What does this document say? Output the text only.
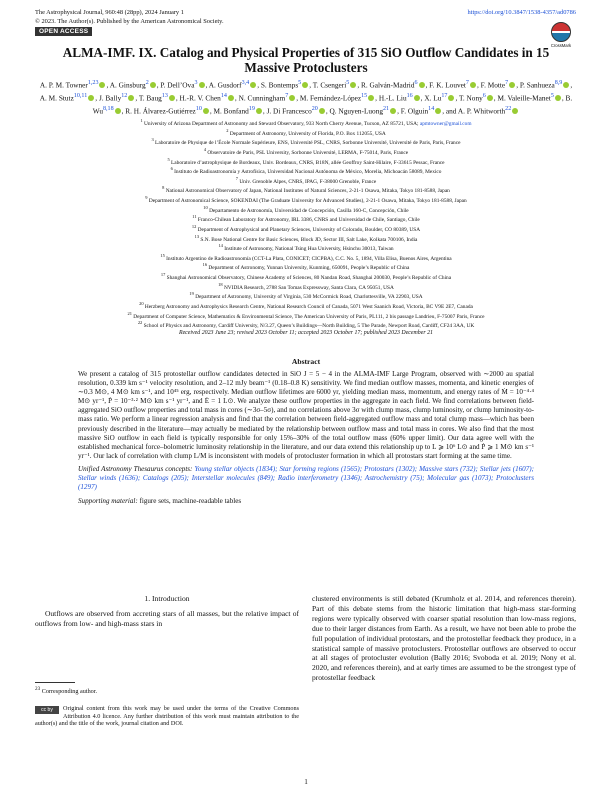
The Astrophysical Journal, 960:48 (28pp), 2024 January 1
© 2023. The Author(s). Published by the American Astronomical Society.
https://doi.org/10.3847/1538-4357/ad0786
OPEN ACCESS
CrossMark
ALMA-IMF. IX. Catalog and Physical Properties of 315 SiO Outflow Candidates in 15 Massive Protoclusters
A. P. M. Towner$^{1,23}$ , A. Ginsburg$^2$ , P. Dell’Ova$^3$ , A. Gusdorf$^{3,4}$ , S. Bontemps$^5$ , T. Csengeri$^5$ , R. Galván-Madrid$^6$ , F. K. Louvet$^7$ , F. Motte$^7$ , P. Sanhueza$^{8,9}$ , A. M. Stutz$^{10,11}$ , J. Bally$^{12}$ , T. Baug$^{13}$ , H.-R. V. Chen$^{14}$ , N. Cunningham$^7$ , M. Fernández-López$^{15}$ , H.-L. Liu$^{16}$ , X. Lu$^{17}$ , T. Nony$^6$ , M. Valeille-Manet$^5$ , B. Wu$^{8,18}$ , R. H. Álvarez-Gutiérrez$^{10}$ , M. Bonfand$^{19}$ , J. Di Francesco$^{20}$ , Q. Nguyen-Luong$^{21}$ , F. Olguin$^{14}$ , and A. P. Whitworth$^{22}$
$^1$ University of Arizona Department of Astronomy and Steward Observatory, 933 North Cherry Avenue, Tucson, AZ 85721, USA; apmtowner@gmail.com
$^2$ Department of Astronomy, University of Florida, P.O. Box 112055, USA
$^3$ Laboratoire de Physique de l’École Normale Supérieure, ENS, Université PSL, CNRS, Sorbonne Université, Université de Paris, Paris, France
$^4$ Observatoire de Paris, PSL University, Sorbonne Université, LERMA, F-75014, Paris, France
$^5$ Laboratoire d’astrophysique de Bordeaux, Univ. Bordeaux, CNRS, B18N, allée Geoffroy Saint-Hilaire, F-33615 Pessac, France
$^6$ Instituto de Radioastronomía y Astrofísica, Universidad Nacional Autónoma de México, Morelia, Michoacán 58089, Mexico
$^7$ Univ. Grenoble Alpes, CNRS, IPAG, F-38000 Grenoble, France
$^8$ National Astronomical Observatory of Japan, National Institutes of Natural Sciences, 2-21-1 Osawa, Mitaka, Tokyo 181-8588, Japan
$^9$ Department of Astronomical Science, SOKENDAI (The Graduate University for Advanced Studies), 2-21-1 Osawa, Mitaka, Tokyo 181-8588, Japan
$^{10}$ Departamento de Astronomía, Universidad de Concepción, Casilla 160-C, Concepción, Chile
$^{11}$ Franco-Chilean Laboratory for Astronomy, IRL 3386, CNRS and Universidad de Chile, Santiago, Chile
$^{12}$ Department of Astrophysical and Planetary Sciences, University of Colorado, Boulder, CO 80389, USA
$^{13}$ S.N. Bose National Centre for Basic Sciences, Block JD, Sector III, Salt Lake, Kolkata 700106, India
$^{14}$ Institute of Astronomy, National Tsing Hua University, Hsinchu 30013, Taiwan
$^{15}$ Instituto Argentino de Radioastronomía (CCT-La Plata, CONICET; CICPBA), C.C. No. 5, 1894, Villa Elisa, Buenos Aires, Argentina
$^{16}$ Department of Astronomy, Yunnan University, Kunming, 650091, People’s Republic of China
$^{17}$ Shanghai Astronomical Observatory, Chinese Academy of Sciences, 80 Nandan Road, Shanghai 200030, People’s Republic of China
$^{18}$ NVIDIA Research, 2788 San Tomas Expressway, Santa Clara, CA 95051, USA
$^{19}$ Department of Astronomy, University of Virginia, 530 McCormick Road, Charlottesville, VA 22903, USA
$^{20}$ Herzberg Astronomy and Astrophysics Research Centre, National Research Council of Canada, 5071 West Saanich Road, Victoria, BC V9E 2E7, Canada
$^{21}$ Department of Computer Science, Mathematics & Environmental Science, The American University of Paris, PL111, 2 bis passage Landrieu, F-75007 Paris, France
$^{22}$ School of Physics and Astronomy, Cardiff University, N/3.27, Queen’s Buildings—North Building, 5 The Parade, Newport Road, Cardiff, CF24 3AA, UK
Received 2023 June 23; revised 2023 October 11; accepted 2023 October 17; published 2023 December 21
Abstract

We present a catalog of 315 protostellar outflow candidates detected in SiO J = 5 − 4 in the ALMA-IMF Large Program, observed with ∼2000 au spatial resolution, 0.339 km s⁻¹ velocity resolution, and 2–12 mJy beam⁻¹ (0.18–0.8 K) sensitivity. We find median outflow masses, momenta, and kinetic energies of ∼0.3 M⊙, 4 M⊙ km s⁻¹, and 10⁴⁵ erg, respectively. Median outflow lifetimes are 6000 yr, yielding median mass, momentum, and energy rates of Ṁ = 10⁻⁴·⁴ M⊙ yr⁻¹, Ṗ = 10⁻³·² M⊙ km s⁻¹ yr⁻¹, and Ė = 1 L⊙. We analyze these outflow properties in the aggregate in each field. We find correlations between field-aggregated SiO outflow properties and total mass in cores (∼3σ–5σ), and no correlations above 3σ with clump mass, clump luminosity, or clump luminosity-to-mass ratio. We perform a linear regression analysis and find that the correlation between field-aggregated outflow mass and total clump mass—which has been previously described in the literature—may actually be mediated by the relationship between outflow mass and total mass in cores. We also find that the most massive SiO outflow in each field is typically responsible for only 15%–30% of the total outflow mass (60% upper limit). Our data agree well with the established mechanical force–bolometric luminosity relationship in the literature, and our data extend this relationship up to L ⩾ 10⁶ L⊙ and Ṗ ⩾ 1 M⊙ km s⁻¹ yr⁻¹. Our lack of correlation with clump L/M is inconsistent with models of protocluster formation in which all protostars start forming at the same time.

Unified Astronomy Thesaurus concepts: Young stellar objects (1834); Star forming regions (1565); Protostars (1302); Massive stars (732); Stellar jets (1607); Stellar winds (1636); Catalogs (205); Interstellar molecules (849); Radio interferometry (1346); Astrochemistry (75); Molecular gas (1073); Protoclusters (1297)

Supporting material: figure sets, machine-readable tables

1. Introduction

Outflows are observed from accreting stars of all masses, but the relative impact of outflows from low- and high-mass stars in

clustered environments is still debated (Krumholz et al. 2014, and references therein). Part of this debate stems from the historic limitation that high-mass star-forming regions were typically observed with coarser spatial resolution than low-mass regions, due to their larger distances from Earth. As a result, we have not been able to probe the full population of individual protostars, and the protostellar feedback they produce, in a statistical sample of massive protoclusters. Protostellar outflows are observed to occur at all stages of protocluster evolution (Bally 2016; Svoboda et al. 2019; Nony et al. 2020, and references therein), and at early times are assumed to be the strongest type of protostellar feedback

$^{23}$ Corresponding author.
cc by	Original content from this work may be used under the terms of the Creative Commons Attribution 4.0 licence. Any further distribution of this work must maintain attribution to the author(s) and the title of the work, journal citation and DOI.
1
